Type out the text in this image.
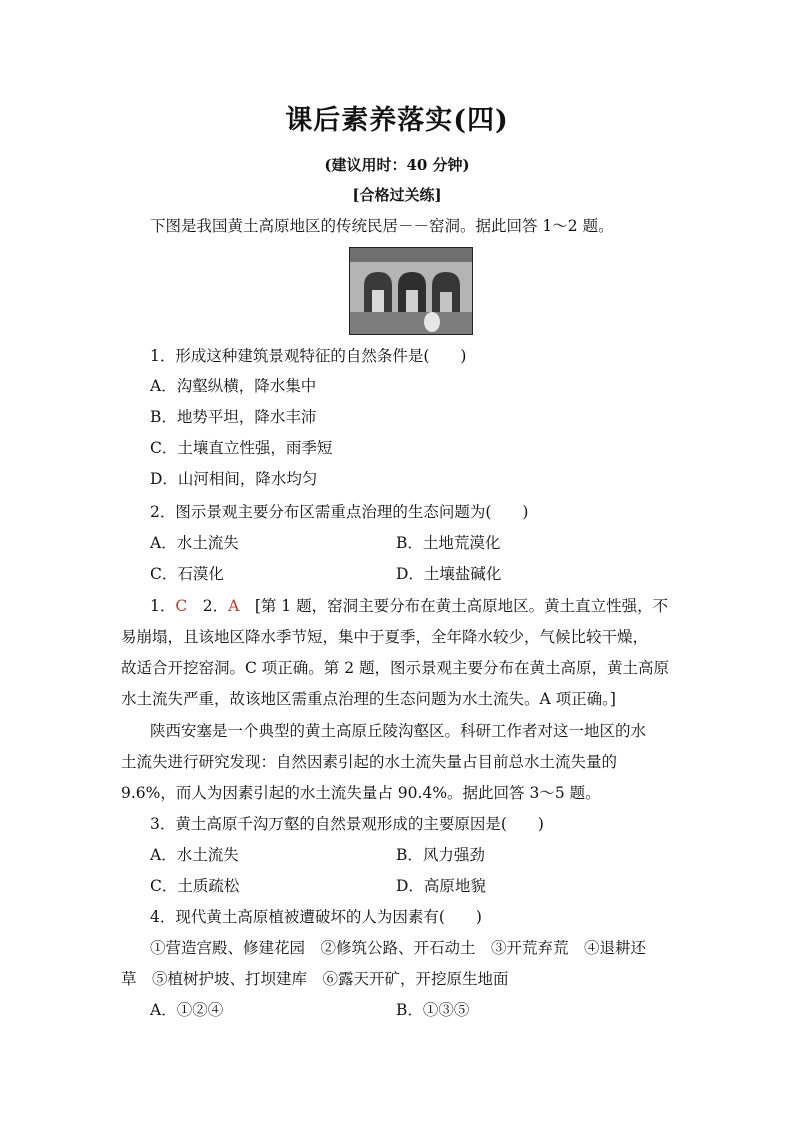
课后素养落实(四)
(建议用时：40 分钟)
[合格过关练]
下图是我国黄土高原地区的传统民居－－窑洞。据此回答 1～2 题。
1．形成这种建筑景观特征的自然条件是(　　)
A．沟壑纵横，降水集中
B．地势平坦，降水丰沛
C．土壤直立性强，雨季短
D．山河相间，降水均匀
2．图示景观主要分布区需重点治理的生态问题为(　　)
A．水土流失	B．土地荒漠化
C．石漠化	D．土壤盐碱化
1．C　2．A　[第 1 题，窑洞主要分布在黄土高原地区。黄土直立性强，不
易崩塌，且该地区降水季节短，集中于夏季，全年降水较少，气候比较干燥，
故适合开挖窑洞。C 项正确。第 2 题，图示景观主要分布在黄土高原，黄土高原
水土流失严重，故该地区需重点治理的生态问题为水土流失。A 项正确。]
陕西安塞是一个典型的黄土高原丘陵沟壑区。科研工作者对这一地区的水
土流失进行研究发现：自然因素引起的水土流失量占目前总水土流失量的
9.6%，而人为因素引起的水土流失量占 90.4%。据此回答 3～5 题。
3．黄土高原千沟万壑的自然景观形成的主要原因是(　　)
A．水土流失	B．风力强劲
C．土质疏松	D．高原地貌
4．现代黄土高原植被遭破坏的人为因素有(　　)
①营造宫殿、修建花园　②修筑公路、开石动土　③开荒弃荒　④退耕还
草　⑤植树护坡、打坝建库　⑥露天开矿，开挖原生地面
A．①②④	B．①③⑤
